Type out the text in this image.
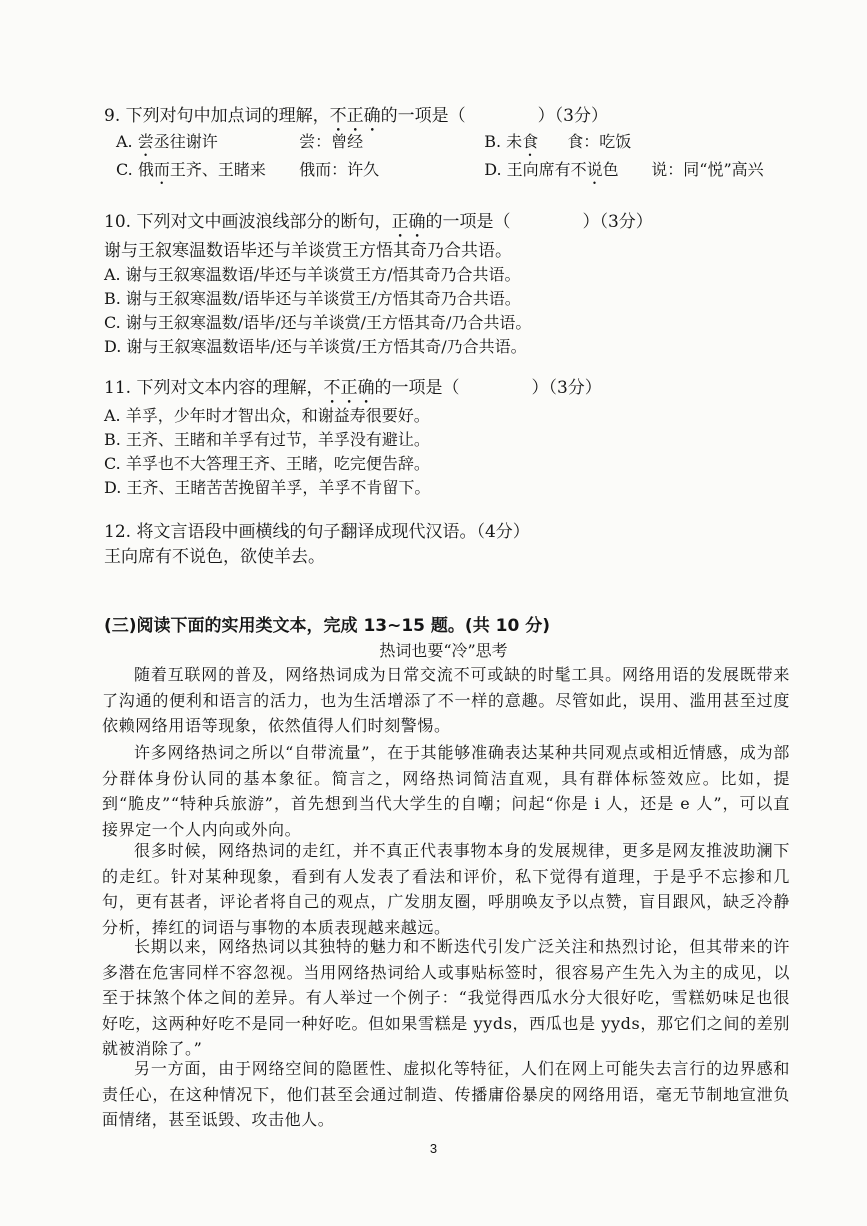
9. 下列对句中加点词的理解，不正确的一项是（	）（3分）
A. 尝丞往谢许	尝：曾经	B. 未食 食：吃饭
C. 俄而王齐、王睹来 俄而：许久	D. 王向席有不说色 说：同“悦”高兴
10. 下列对文中画波浪线部分的断句，正确的一项是（	）（3分）
谢与王叙寒温数语毕还与羊谈赏王方悟其奇乃合共语。
A. 谢与王叙寒温数语/毕还与羊谈赏王方/悟其奇乃合共语。
B. 谢与王叙寒温数/语毕还与羊谈赏王/方悟其奇乃合共语。
C. 谢与王叙寒温数/语毕/还与羊谈赏/王方悟其奇/乃合共语。
D. 谢与王叙寒温数语毕/还与羊谈赏/王方悟其奇/乃合共语。
11. 下列对文本内容的理解，不正确的一项是（	）（3分）
A. 羊孚，少年时才智出众，和谢益寿很要好。
B. 王齐、王睹和羊孚有过节，羊孚没有避让。
C. 羊孚也不大答理王齐、王睹，吃完便告辞。
D. 王齐、王睹苦苦挽留羊孚，羊孚不肯留下。
12. 将文言语段中画横线的句子翻译成现代汉语。（4分）
王向席有不说色，欲使羊去。
(三)阅读下面的实用类文本，完成 13~15 题。(共 10 分)
热词也要“冷”思考
随着互联网的普及，网络热词成为日常交流不可或缺的时髦工具。网络用语的发展既带来了沟通的便利和语言的活力，也为生活增添了不一样的意趣。尽管如此，误用、滥用甚至过度依赖网络用语等现象，依然值得人们时刻警惕。
许多网络热词之所以“自带流量”，在于其能够准确表达某种共同观点或相近情感，成为部分群体身份认同的基本象征。简言之，网络热词简洁直观，具有群体标签效应。比如，提到“脆皮”“特种兵旅游”，首先想到当代大学生的自嘲；问起“你是 i 人，还是 e 人”，可以直接界定一个人内向或外向。
很多时候，网络热词的走红，并不真正代表事物本身的发展规律，更多是网友推波助澜下的走红。针对某种现象，看到有人发表了看法和评价，私下觉得有道理，于是乎不忘掺和几句，更有甚者，评论者将自己的观点，广发朋友圈，呼朋唤友予以点赞，盲目跟风，缺乏冷静分析，捧红的词语与事物的本质表现越来越远。
长期以来，网络热词以其独特的魅力和不断迭代引发广泛关注和热烈讨论，但其带来的许多潜在危害同样不容忽视。当用网络热词给人或事贴标签时，很容易产生先入为主的成见，以至于抹煞个体之间的差异。有人举过一个例子：“我觉得西瓜水分大很好吃，雪糕奶味足也很好吃，这两种好吃不是同一种好吃。但如果雪糕是 yyds，西瓜也是 yyds，那它们之间的差别就被消除了。”
另一方面，由于网络空间的隐匿性、虚拟化等特征，人们在网上可能失去言行的边界感和责任心，在这种情况下，他们甚至会通过制造、传播庸俗暴戾的网络用语，毫无节制地宣泄负面情绪，甚至诋毁、攻击他人。
3
